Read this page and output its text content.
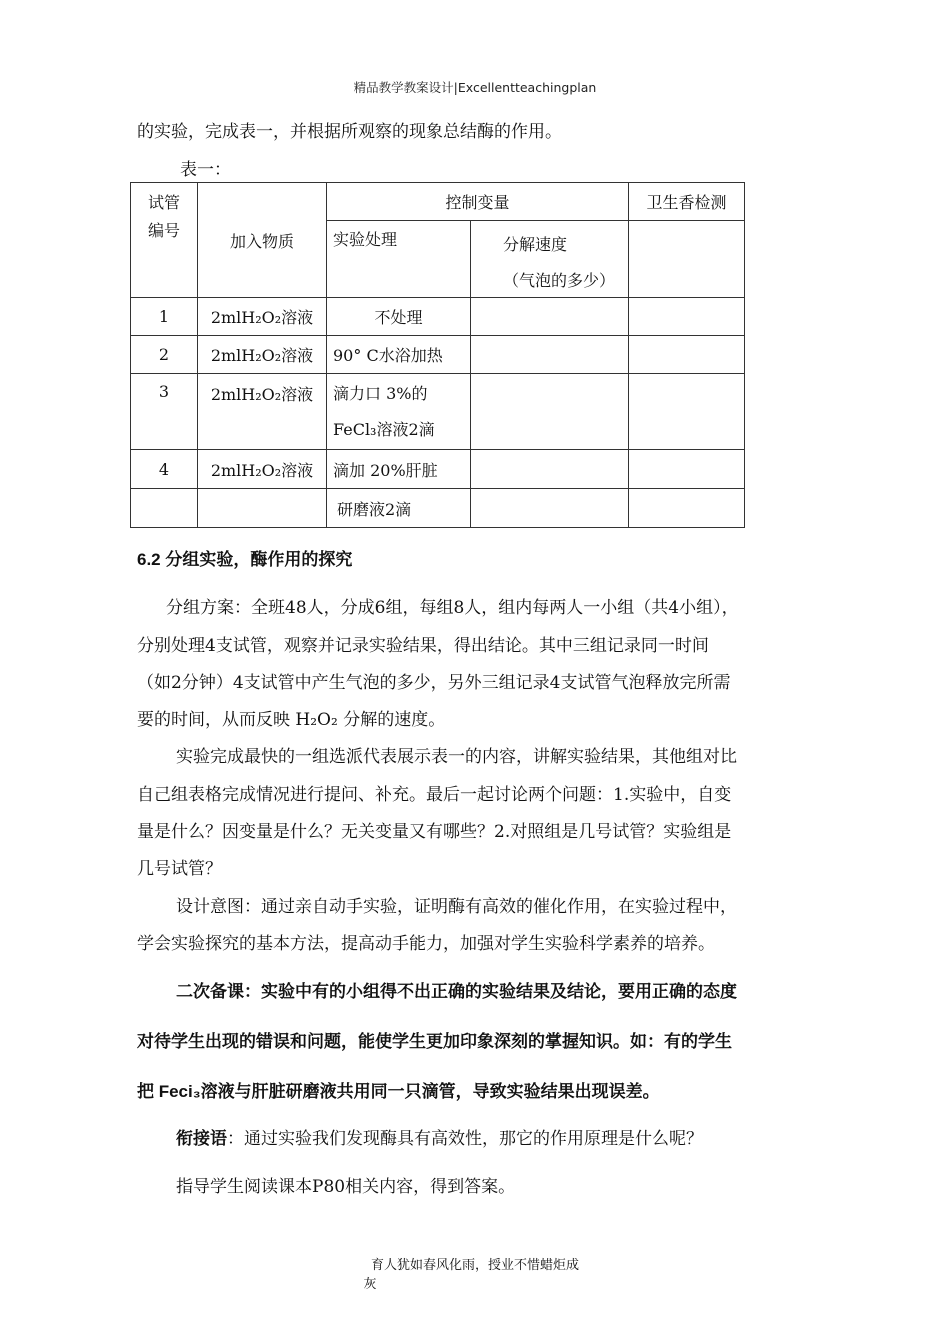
精品教学教案设计|Excellentteachingplan
的实验，完成表一，并根据所观察的现象总结酶的作用。
表一：
试管
编号	加入物质	控制变量		卫生香检测
		实验处理	分解速度
（气泡的多少）	

1	2mlH₂O₂溶液	不处理		
2	2mlH₂O₂溶液	90° C水浴加热		
3	2mlH₂O₂溶液	滴力口 3%的
FeCl₃溶液2滴		

4	2mlH₂O₂溶液	滴加 20%肝脏		
		研磨液2滴		
6.2 分组实验，酶作用的探究
分组方案：全班48人，分成6组，每组8人，组内每两人一小组（共4小组），
分别处理4支试管，观察并记录实验结果，得出结论。其中三组记录同一时间
（如2分钟）4支试管中产生气泡的多少，另外三组记录4支试管气泡释放完所需
要的时间，从而反映 H₂O₂ 分解的速度。
实验完成最快的一组选派代表展示表一的内容，讲解实验结果，其他组对比
自己组表格完成情况进行提问、补充。最后一起讨论两个问题：1.实验中，自变
量是什么？因变量是什么？无关变量又有哪些？2.对照组是几号试管？实验组是
几号试管？
设计意图：通过亲自动手实验，证明酶有高效的催化作用，在实验过程中，
学会实验探究的基本方法，提高动手能力，加强对学生实验科学素养的培养。
二次备课：实验中有的小组得不出正确的实验结果及结论，要用正确的态度
对待学生出现的错误和问题，能使学生更加印象深刻的掌握知识。如：有的学生
把 Feci₃溶液与肝脏研磨液共用同一只滴管，导致实验结果出现误差。
衔接语：通过实验我们发现酶具有高效性，那它的作用原理是什么呢？
指导学生阅读课本P80相关内容，得到答案。
育人犹如春风化雨，授业不惜蜡炬成
灰
